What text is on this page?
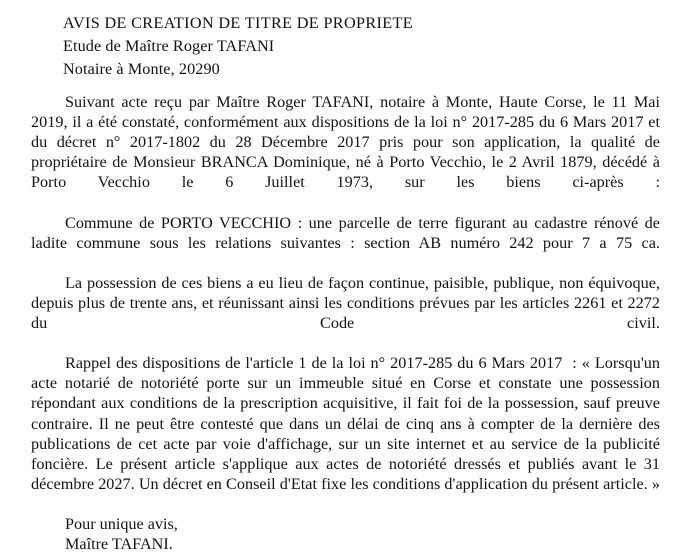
AVIS DE CREATION DE TITRE DE PROPRIETE
Etude de Maître Roger TAFANI
Notaire à Monte, 20290

Suivant acte reçu par Maître Roger TAFANI, notaire à Monte, Haute Corse, le 11 Mai 2019, il a été constaté, conformément aux dispositions de la loi n° 2017-285 du 6 Mars 2017 et du décret n° 2017-1802 du 28 Décembre 2017 pris pour son application, la qualité de propriétaire de Monsieur BRANCA Dominique, né à Porto Vecchio, le 2 Avril 1879, décédé à Porto Vecchio le 6 Juillet 1973, sur les biens ci-après :

Commune de PORTO VECCHIO : une parcelle de terre figurant au cadastre rénové de ladite commune sous les relations suivantes : section AB numéro 242 pour 7 a 75 ca.

La possession de ces biens a eu lieu de façon continue, paisible, publique, non équivoque, depuis plus de trente ans, et réunissant ainsi les conditions prévues par les articles 2261 et 2272 du Code civil.

Rappel des dispositions de l'article 1 de la loi n° 2017-285 du 6 Mars 2017  : « Lorsqu'un acte notarié de notoriété porte sur un immeuble situé en Corse et constate une possession répondant aux conditions de la prescription acquisitive, il fait foi de la possession, sauf preuve contraire. Il ne peut être contesté que dans un délai de cinq ans à compter de la dernière des publications de cet acte par voie d'affichage, sur un site internet et au service de la publicité foncière. Le présent article s'applique aux actes de notoriété dressés et publiés avant le 31 décembre 2027. Un décret en Conseil d'Etat fixe les conditions d'application du présent article. »

Pour unique avis,

Maître TAFANI.
